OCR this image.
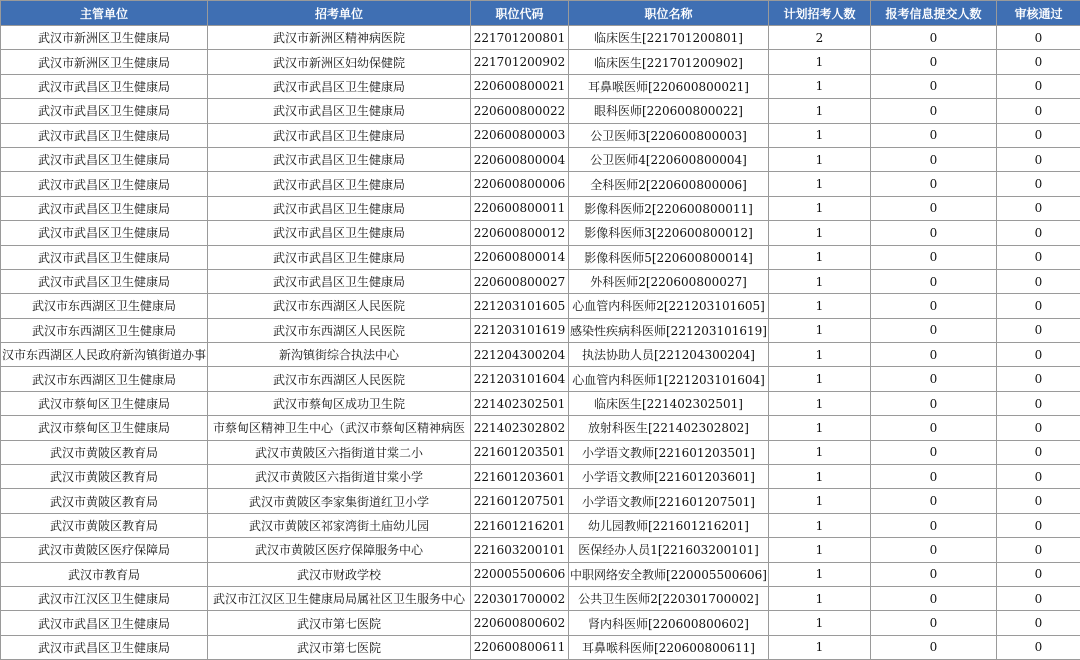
主管单位	招考单位	职位代码	职位名称	计划招考人数	报考信息提交人数	审核通过
武汉市新洲区卫生健康局	武汉市新洲区精神病医院	221701200801	临床医生[221701200801]	2	0	0
武汉市新洲区卫生健康局	武汉市新洲区妇幼保健院	221701200902	临床医生[221701200902]	1	0	0
武汉市武昌区卫生健康局	武汉市武昌区卫生健康局	220600800021	耳鼻喉医师[220600800021]	1	0	0
武汉市武昌区卫生健康局	武汉市武昌区卫生健康局	220600800022	眼科医师[220600800022]	1	0	0
武汉市武昌区卫生健康局	武汉市武昌区卫生健康局	220600800003	公卫医师3[220600800003]	1	0	0
武汉市武昌区卫生健康局	武汉市武昌区卫生健康局	220600800004	公卫医师4[220600800004]	1	0	0
武汉市武昌区卫生健康局	武汉市武昌区卫生健康局	220600800006	全科医师2[220600800006]	1	0	0
武汉市武昌区卫生健康局	武汉市武昌区卫生健康局	220600800011	影像科医师2[220600800011]	1	0	0
武汉市武昌区卫生健康局	武汉市武昌区卫生健康局	220600800012	影像科医师3[220600800012]	1	0	0
武汉市武昌区卫生健康局	武汉市武昌区卫生健康局	220600800014	影像科医师5[220600800014]	1	0	0
武汉市武昌区卫生健康局	武汉市武昌区卫生健康局	220600800027	外科医师2[220600800027]	1	0	0
武汉市东西湖区卫生健康局	武汉市东西湖区人民医院	221203101605	心血管内科医师2[221203101605]	1	0	0
武汉市东西湖区卫生健康局	武汉市东西湖区人民医院	221203101619	感染性疾病科医师[221203101619]	1	0	0
汉市东西湖区人民政府新沟镇街道办事	新沟镇街综合执法中心	221204300204	执法协助人员[221204300204]	1	0	0
武汉市东西湖区卫生健康局	武汉市东西湖区人民医院	221203101604	心血管内科医师1[221203101604]	1	0	0
武汉市蔡甸区卫生健康局	武汉市蔡甸区成功卫生院	221402302501	临床医生[221402302501]	1	0	0
武汉市蔡甸区卫生健康局	市蔡甸区精神卫生中心（武汉市蔡甸区精神病医	221402302802	放射科医生[221402302802]	1	0	0
武汉市黄陂区教育局	武汉市黄陂区六指街道甘棠二小	221601203501	小学语文教师[221601203501]	1	0	0
武汉市黄陂区教育局	武汉市黄陂区六指街道甘棠小学	221601203601	小学语文教师[221601203601]	1	0	0
武汉市黄陂区教育局	武汉市黄陂区李家集街道红卫小学	221601207501	小学语文教师[221601207501]	1	0	0
武汉市黄陂区教育局	武汉市黄陂区祁家湾街土庙幼儿园	221601216201	幼儿园教师[221601216201]	1	0	0
武汉市黄陂区医疗保障局	武汉市黄陂区医疗保障服务中心	221603200101	医保经办人员1[221603200101]	1	0	0
武汉市教育局	武汉市财政学校	220005500606	中职网络安全教师[220005500606]	1	0	0
武汉市江汉区卫生健康局	武汉市江汉区卫生健康局局属社区卫生服务中心	220301700002	公共卫生医师2[220301700002]	1	0	0
武汉市武昌区卫生健康局	武汉市第七医院	220600800602	肾内科医师[220600800602]	1	0	0
武汉市武昌区卫生健康局	武汉市第七医院	220600800611	耳鼻喉科医师[220600800611]	1	0	0
